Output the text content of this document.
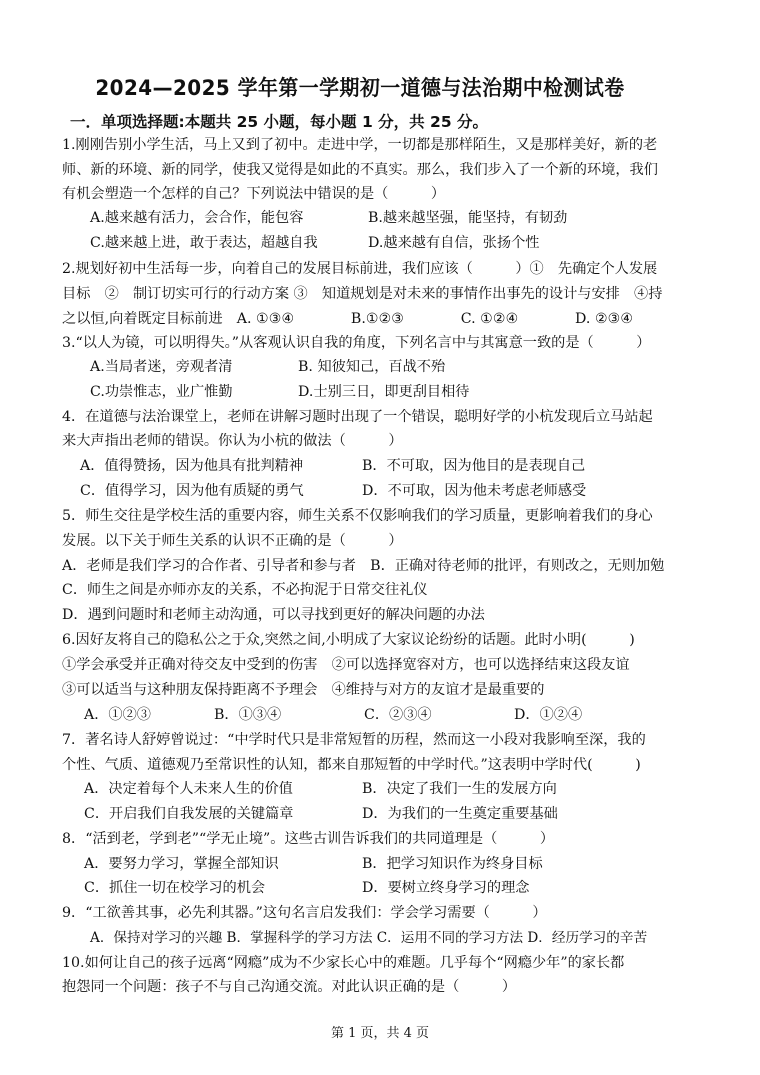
2024—2025 学年第一学期初一道德与法治期中检测试卷
一．单项选择题:本题共 25 小题，每小题 1 分，共 25 分。
1.刚刚告别小学生活，马上又到了初中。走进中学，一切都是那样陌生，又是那样美好，新的老
师、新的环境、新的同学，使我又觉得是如此的不真实。那么，我们步入了一个新的环境，我们
有机会塑造一个怎样的自己？下列说法中错误的是（　　　）
A.越来越有活力，会合作，能包容	B.越来越坚强，能坚持，有韧劲
C.越来越上进，敢于表达，超越自我	D.越来越有自信，张扬个性
2.规划好初中生活每一步，向着自己的发展目标前进，我们应该（　　　）①　先确定个人发展
目标　②　制订切实可行的行动方案 ③　知道规划是对未来的事情作出事先的设计与安排　④持
之以恒,向着既定目标前进　A. ①③④　　　　B.①②③　　　　C. ①②④　　　　D. ②③④
3.“以人为镜，可以明得失。”从客观认识自我的角度，下列名言中与其寓意一致的是（　　　）
A.当局者迷，旁观者清	B. 知彼知己，百战不殆
C.功崇惟志，业广惟勤	D.士别三日，即更刮目相待
4．在道德与法治课堂上，老师在讲解习题时出现了一个错误，聪明好学的小杭发现后立马站起
来大声指出老师的错误。你认为小杭的做法（　　　）
A．值得赞扬，因为他具有批判精神	B．不可取，因为他目的是表现自己
C．值得学习，因为他有质疑的勇气	D．不可取，因为他未考虑老师感受
5．师生交往是学校生活的重要内容，师生关系不仅影响我们的学习质量，更影响着我们的身心
发展。以下关于师生关系的认识不正确的是（　　　）
A．老师是我们学习的合作者、引导者和参与者　B．正确对待老师的批评，有则改之，无则加勉
C．师生之间是亦师亦友的关系，不必拘泥于日常交往礼仪
D．遇到问题时和老师主动沟通，可以寻找到更好的解决问题的办法
6.因好友将自己的隐私公之于众,突然之间,小明成了大家议论纷纷的话题。此时小明(　　　)
①学会承受并正确对待交友中受到的伤害　②可以选择宽容对方，也可以选择结束这段友谊
③可以适当与这种朋友保持距离不予理会　④维持与对方的友谊才是最重要的
A．①②③	B．①③④	C．②③④	D．①②④
7．著名诗人舒婷曾说过：“中学时代只是非常短暂的历程，然而这一小段对我影响至深，我的
个性、气质、道德观乃至常识性的认知，都来自那短暂的中学时代。”这表明中学时代(　　　)
A．决定着每个人未来人生的价值	B．决定了我们一生的发展方向
C．开启我们自我发展的关键篇章	D．为我们的一生奠定重要基础
8．“活到老，学到老”“学无止境”。这些古训告诉我们的共同道理是（　　　）
A．要努力学习，掌握全部知识	B．把学习知识作为终身目标
C．抓住一切在校学习的机会	D．要树立终身学习的理念
9．“工欲善其事，必先利其器。”这句名言启发我们：学会学习需要（　　　）
A．保持对学习的兴趣 B．掌握科学的学习方法 C．运用不同的学习方法 D．经历学习的辛苦
10.如何让自己的孩子远离“网瘾”成为不少家长心中的难题。几乎每个“网瘾少年”的家长都
抱怨同一个问题：孩子不与自己沟通交流。对此认识正确的是（　　　）
第 1 页，共 4 页
